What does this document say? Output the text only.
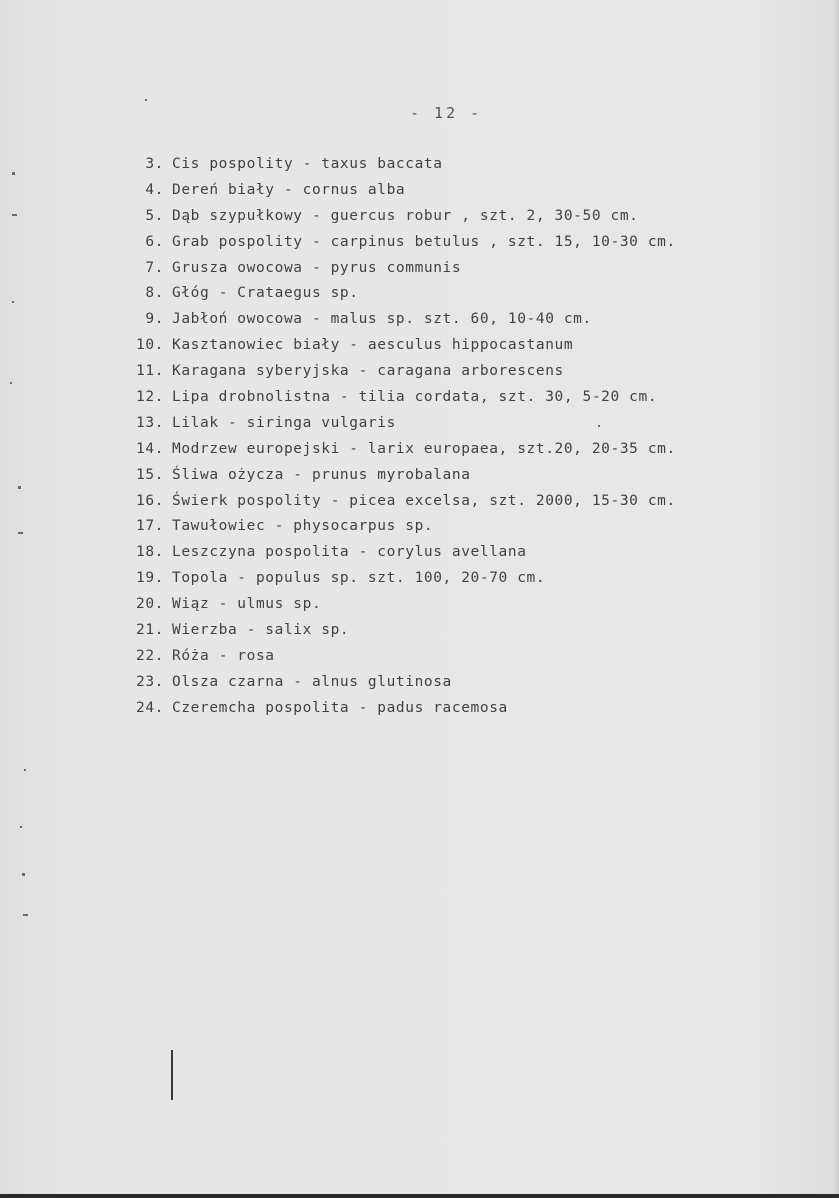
- 12 -
3. Cis pospolity - taxus baccata
4. Dereń biały - cornus alba
5. Dąb szypułkowy - guercus robur , szt. 2, 30-50 cm.
6. Grab pospolity - carpinus betulus , szt. 15, 10-30 cm.
7. Grusza owocowa - pyrus communis
8. Głóg - Crataegus sp.
9. Jabłoń owocowa - malus sp. szt. 60, 10-40 cm.
10. Kasztanowiec biały - aesculus hippocastanum
11. Karagana syberyjska - caragana arborescens
12. Lipa drobnolistna - tilia cordata, szt. 30, 5-20 cm.
13. Lilak - siringa vulgaris
14. Modrzew europejski - larix europaea, szt.20, 20-35 cm.
15. Śliwa ożycza - prunus myrobalana
16. Świerk pospolity - picea excelsa, szt. 2000, 15-30 cm.
17. Tawułowiec - physocarpus sp.
18. Leszczyna pospolita - corylus avellana
19. Topola - populus sp. szt. 100, 20-70 cm.
20. Wiąz - ulmus sp.
21. Wierzba - salix sp.
22. Róża - rosa
23. Olsza czarna - alnus glutinosa
24. Czeremcha pospolita - padus racemosa
